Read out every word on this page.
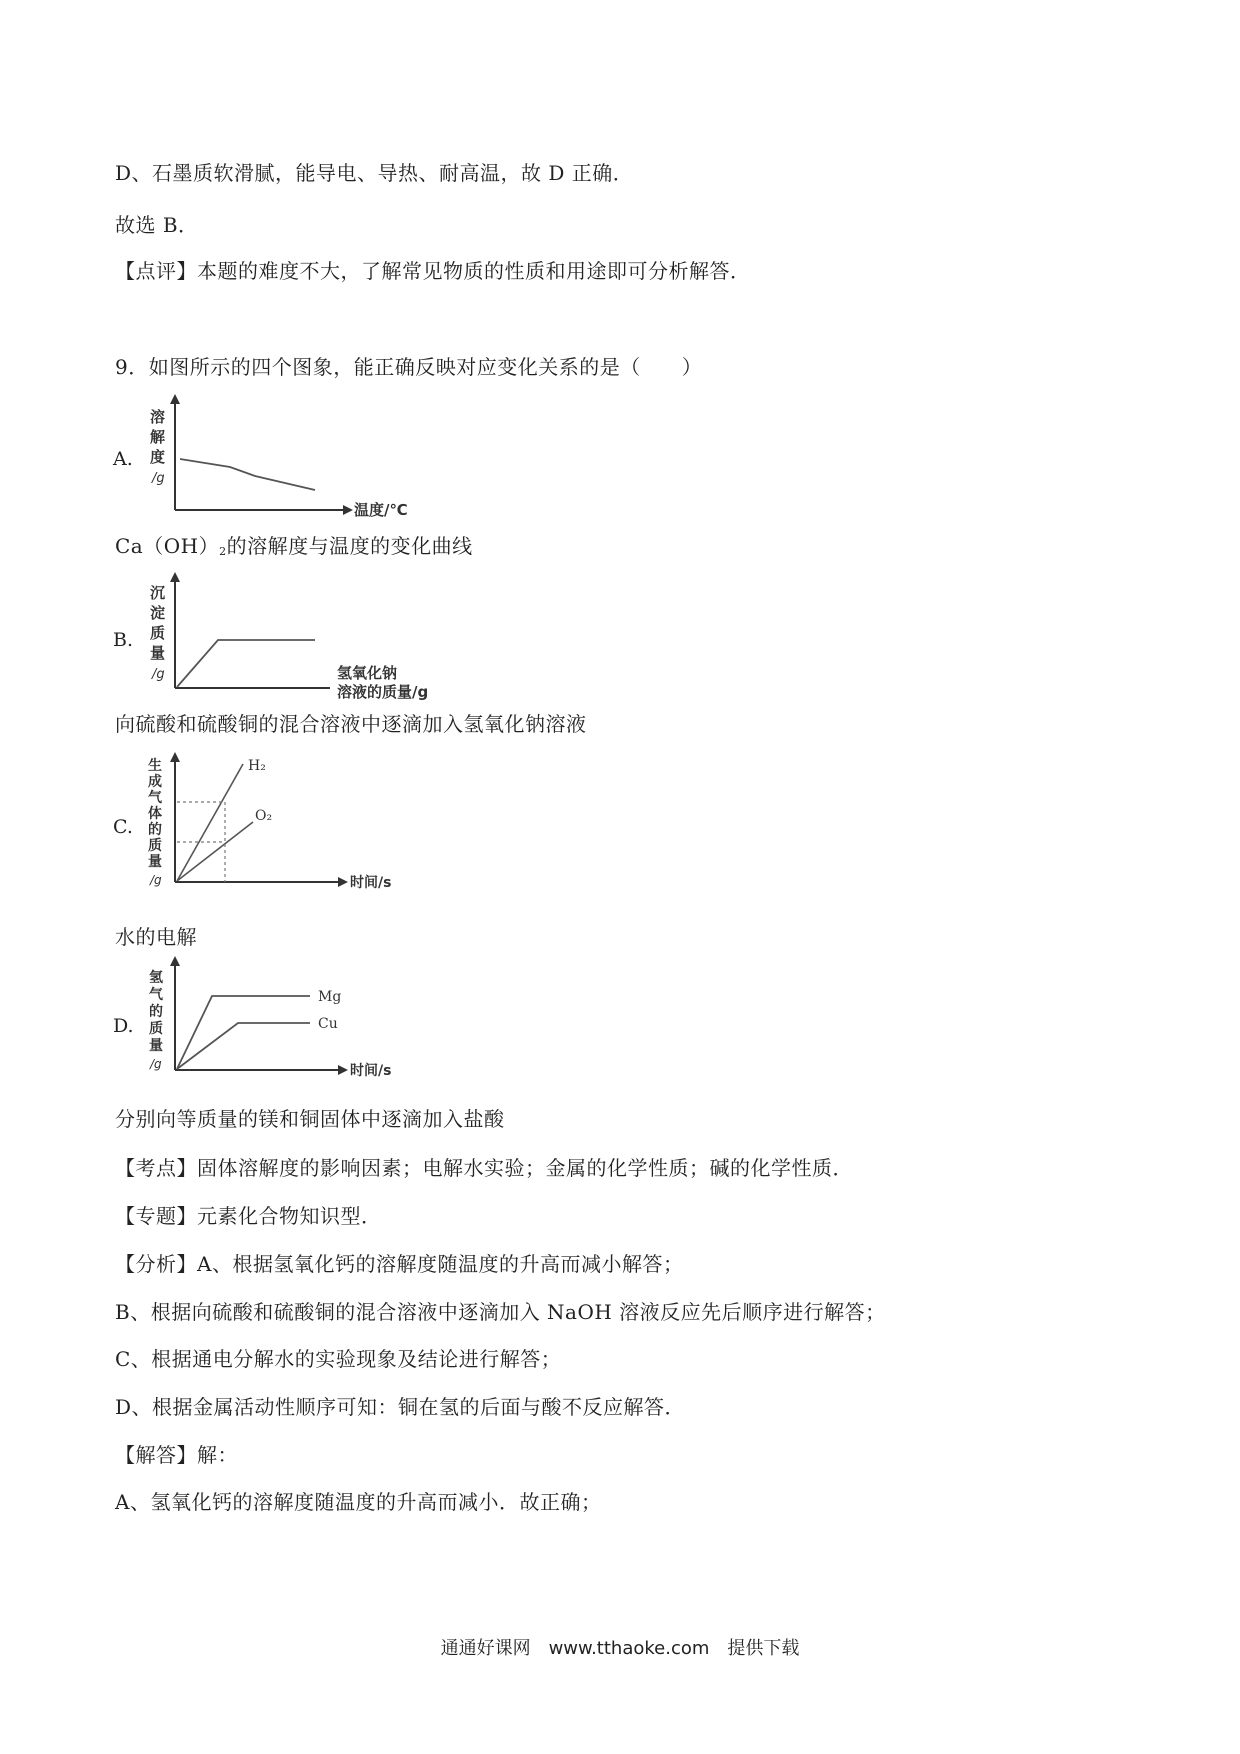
D、石墨质软滑腻，能导电、导热、耐高温，故 D 正确．
故选 B．
【点评】本题的难度不大，了解常见物质的性质和用途即可分析解答．
9．如图所示的四个图象，能正确反映对应变化关系的是（　　）
A.
溶
解
度
/g
温度/℃
$Ca(OH)_2$的溶解度与温度的变化曲线
B.
沉
淀
质
量
/g	氢氧化钠
溶液的质量/g
向硫酸和硫酸铜的混合溶液中逐滴加入氢氧化钠溶液
C.
生
成
气
体
的
质
量
/g	时间/s
H₂
O₂
水的电解
D.
氢
气
的
质
量
/g	时间/s
Mg
Cu
分别向等质量的镁和铜固体中逐滴加入盐酸
【考点】固体溶解度的影响因素；电解水实验；金属的化学性质；碱的化学性质．
【专题】元素化合物知识型．
【分析】A、根据氢氧化钙的溶解度随温度的升高而减小解答；
B、根据向硫酸和硫酸铜的混合溶液中逐滴加入 NaOH 溶液反应先后顺序进行解答；
C、根据通电分解水的实验现象及结论进行解答；
D、根据金属活动性顺序可知：铜在氢的后面与酸不反应解答．
【解答】解：
A、氢氧化钙的溶解度随温度的升高而减小．故正确；
通通好课网　www.tthaoke.com　提供下载
